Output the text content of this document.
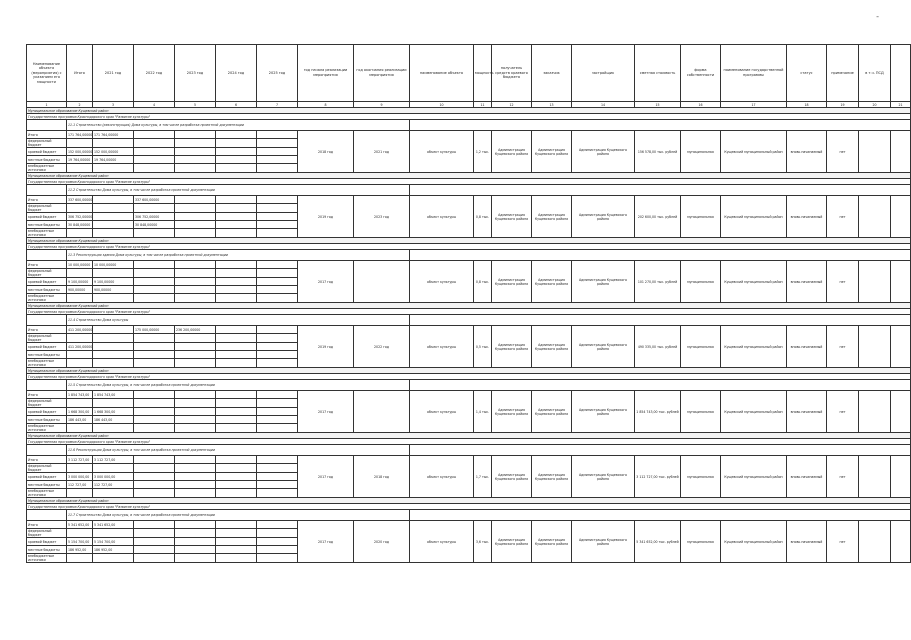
-
Наименование объекта (мероприятия) с указанием его мощности	Итого	2021 год	2022 год	2023 год	2024 год	2025 год	год начала реализации мероприятия	год окончания реализации мероприятия	наименование объекта	мощность	получатель средств краевого бюджета	заказчик	застройщик	сметная стоимость	форма собственности	наименование государственной программы	статус	примечание	в т.ч. ПСД	
1	2	3	4	5	6	7	8	9	10	11	12	13	14	15	16	17	18	19	20	21
Муниципальное образование Кущевский район																				
Государственная программа Краснодарского края "Развитие культуры"																				
	11.1 Строительство (реконструкция) Дома культуры, в том числе разработка проектной документации																			
Итого	171 764,00000	171 764,00000					2018 год	2021 год	объект культуры	1,2 тыс.	Администрация Кущевского района	Администрация Кущевского района	Администрация Кущевского района	156 578,00 тыс. рублей	муниципальная	Кущевский муниципальный район	вновь начинаемый	нет		
федеральный бюджет																				
краевой бюджет	152 000,00000	152 000,00000																		
местные бюджеты	19 764,00000	19 764,00000																		
внебюджетные источники																				
Муниципальное образование Кущевский район																				
Государственная программа Краснодарского края "Развитие культуры"																				
	11.2 Строительство Дома культуры, в том числе разработка проектной документации																			
Итого	337 600,00000		337 600,00000				2019 год	2023 год	объект культуры	0,8 тыс.	Администрация Кущевского района	Администрация Кущевского района	Администрация Кущевского района	202 600,00 тыс. рублей	муниципальная	Кущевский муниципальный район	вновь начинаемый	нет		
федеральный бюджет																				
краевой бюджет	306 752,00000		306 752,00000																	
местные бюджеты	30 848,00000		30 848,00000																	
внебюджетные источники																				
Муниципальное образование Кущевский район																				
Государственная программа Краснодарского края "Развитие культуры"																				
	11.3 Реконструкция здания Дома культуры, в том числе разработка проектной документации																			
Итого	10 000,00000	10 000,00000					2017 год		объект культуры	0,8 тыс.	Администрация Кущевского района	Администрация Кущевского района	Администрация Кущевского района	101 270,00 тыс. рублей	муниципальная	Кущевский муниципальный район	вновь начинаемый	нет		
федеральный бюджет																				
краевой бюджет	9 100,00000	9 100,00000																		
местные бюджеты	900,00000	900,00000																		
внебюджетные источники																				
Муниципальное образование Кущевский район																				
Государственная программа Краснодарского края "Развитие культуры"																				
	11.4 Строительство Дома культуры																			
Итого	411 200,00000		175 000,00000	236 200,00000			2019 год	2022 год	объект культуры	0,5 тыс.	Администрация Кущевского района	Администрация Кущевского района	Администрация Кущевского района	490 335,00 тыс. рублей	муниципальная	Кущевский муниципальный район	вновь начинаемый	нет		
федеральный бюджет																				
краевой бюджет	411 200,00000																			
местные бюджеты																				
внебюджетные источники																				
Муниципальное образование Кущевский район																				
Государственная программа Краснодарского края "Развитие культуры"																				
	11.5 Строительство Дома культуры, в том числе разработка проектной документации																			
Итого	1 854 743,00	1 854 743,00					2017 год		объект культуры	1,4 тыс.	Администрация Кущевского района	Администрация Кущевского района	Администрация Кущевского района	1 854 743,00 тыс. рублей	муниципальная	Кущевский муниципальный район	вновь начинаемый	нет		
федеральный бюджет																				
краевой бюджет	1 668 300,00	1 668 300,00																		
местные бюджеты	186 443,00	186 443,00																		
внебюджетные источники																				
Муниципальное образование Кущевский район																				
Государственная программа Краснодарского края "Развитие культуры"																				
	11.6 Реконструкция Дома культуры, в том числе разработка проектной документации																			
Итого	3 112 727,00	3 112 727,00					2017 год	2018 год	объект культуры	1,7 тыс.	Администрация Кущевского района	Администрация Кущевского района	Администрация Кущевского района	3 112 727,00 тыс. рублей	муниципальная	Кущевский муниципальный район	вновь начинаемый	нет		
федеральный бюджет																				
краевой бюджет	3 000 000,00	3 000 000,00																		
местные бюджеты	112 727,00	112 727,00																		
внебюджетные источники																				
Муниципальное образование Кущевский район																				
Государственная программа Краснодарского края "Развитие культуры"																				
	11.7 Строительство Дома культуры, в том числе разработка проектной документации																			
Итого	5 341 652,00	5 341 652,00					2017 год	2020 год	объект культуры	3,6 тыс.	Администрация Кущевского района	Администрация Кущевского района	Администрация Кущевского района	5 341 652,00 тыс. рублей	муниципальная	Кущевский муниципальный район	вновь начинаемый	нет		
федеральный бюджет																				
краевой бюджет	5 154 700,00	5 154 700,00																		
местные бюджеты	186 952,00	186 952,00																		
внебюджетные источники																				
